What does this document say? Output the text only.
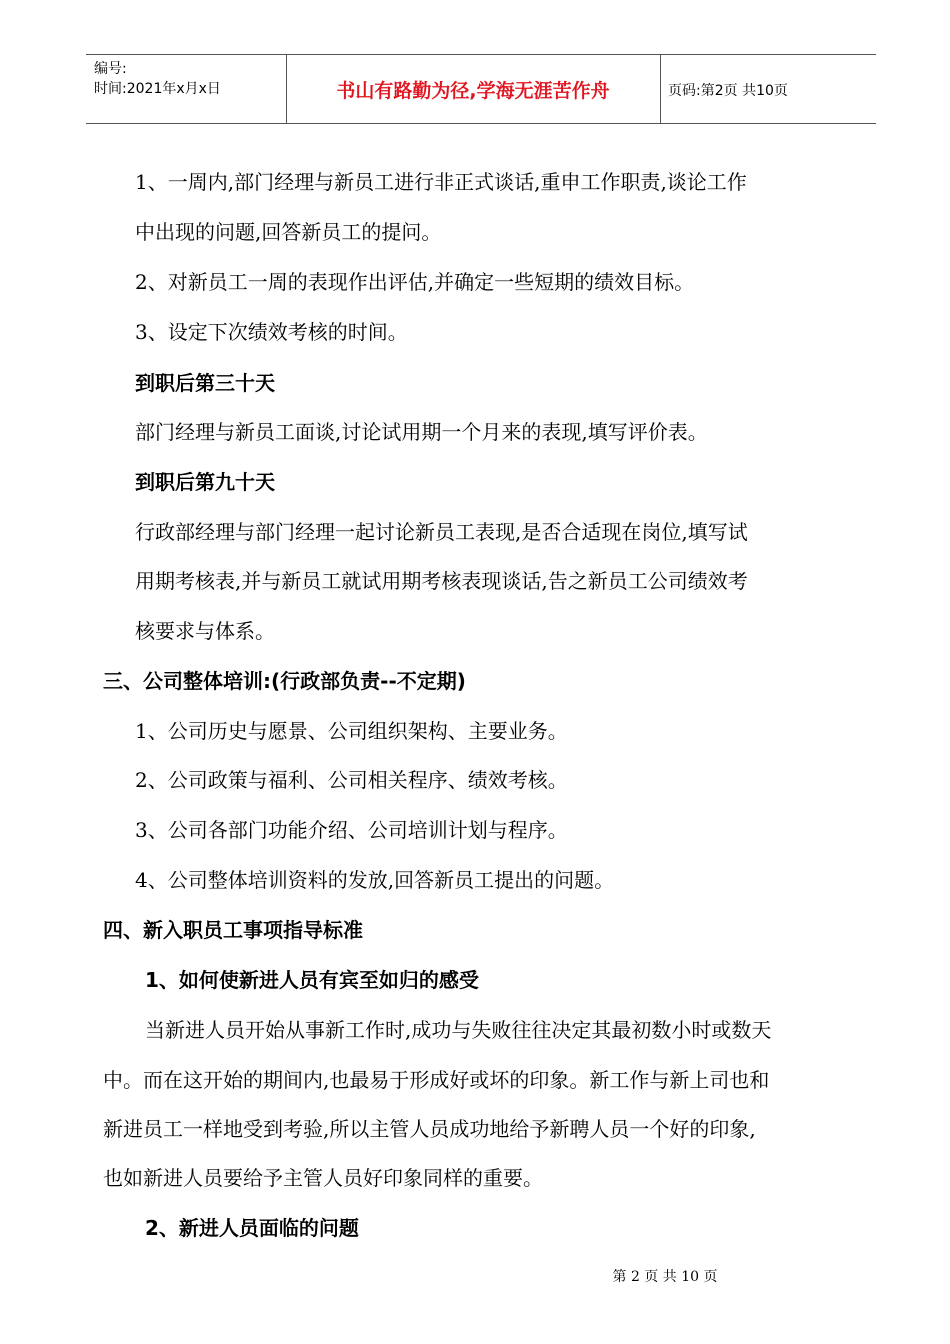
编号:
时间:2021年x月x日	书山有路勤为径,学海无涯苦作舟	页码:第2页 共10页
1、一周内,部门经理与新员工进行非正式谈话,重申工作职责,谈论工作
中出现的问题,回答新员工的提问。
2、对新员工一周的表现作出评估,并确定一些短期的绩效目标。
3、设定下次绩效考核的时间。
到职后第三十天
部门经理与新员工面谈,讨论试用期一个月来的表现,填写评价表。
到职后第九十天
行政部经理与部门经理一起讨论新员工表现,是否合适现在岗位,填写试
用期考核表,并与新员工就试用期考核表现谈话,告之新员工公司绩效考
核要求与体系。
三、公司整体培训:(行政部负责--不定期)
1、公司历史与愿景、公司组织架构、主要业务。
2、公司政策与福利、公司相关程序、绩效考核。
3、公司各部门功能介绍、公司培训计划与程序。
4、公司整体培训资料的发放,回答新员工提出的问题。
四、新入职员工事项指导标准
1、如何使新进人员有宾至如归的感受
当新进人员开始从事新工作时,成功与失败往往决定其最初数小时或数天
中。而在这开始的期间内,也最易于形成好或坏的印象。新工作与新上司也和
新进员工一样地受到考验,所以主管人员成功地给予新聘人员一个好的印象,
也如新进人员要给予主管人员好印象同样的重要。
2、新进人员面临的问题
第 2 页 共 10 页
